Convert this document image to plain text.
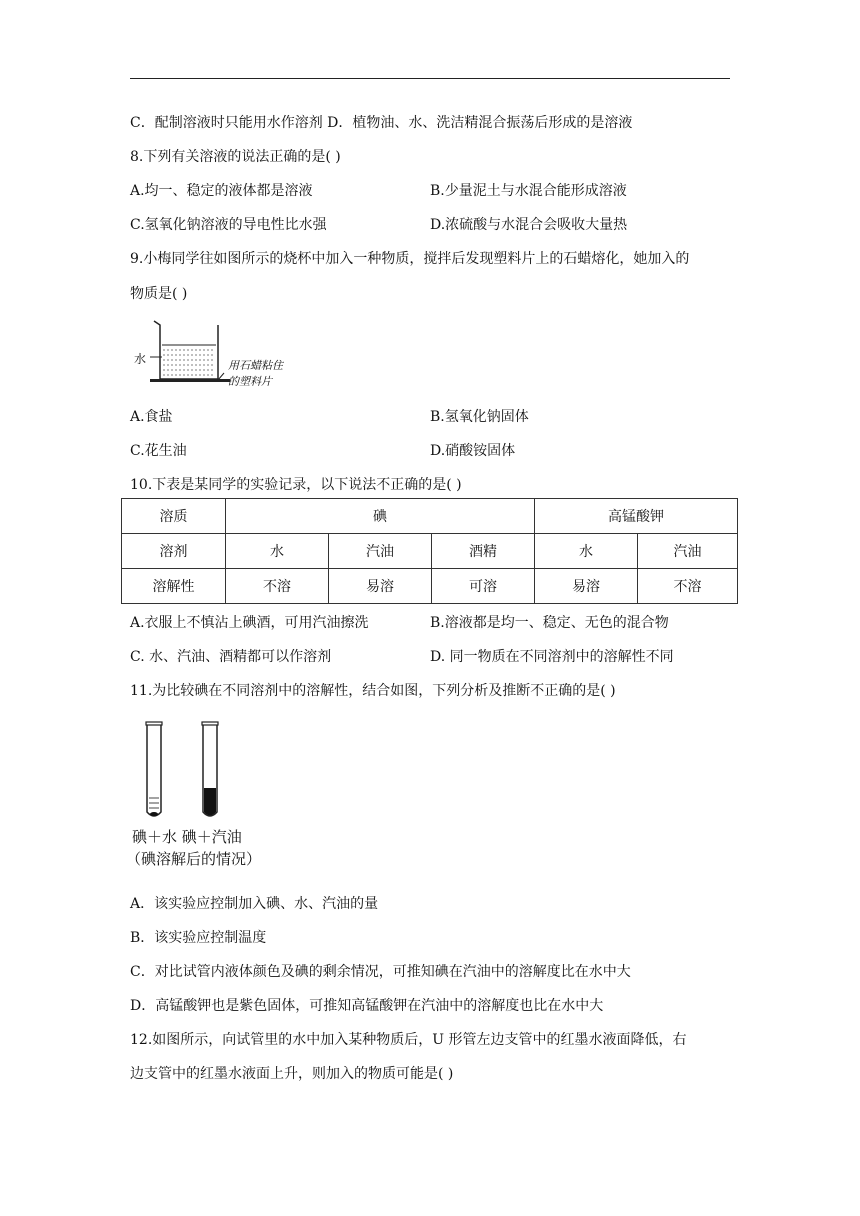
C．配制溶液时只能用水作溶剂 D．植物油、水、洗洁精混合振荡后形成的是溶液
8.下列有关溶液的说法正确的是( )
A.均一、稳定的液体都是溶液	B.少量泥土与水混合能形成溶液
C.氢氧化钠溶液的导电性比水强	D.浓硫酸与水混合会吸收大量热
9.小梅同学往如图所示的烧杯中加入一种物质，搅拌后发现塑料片上的石蜡熔化，她加入的
物质是( )
水	用石蜡粘住
的塑料片
A.食盐	B.氢氧化钠固体
C.花生油	D.硝酸铵固体
10.下表是某同学的实验记录，以下说法不正确的是( )
溶质	碘			高锰酸钾	
溶剂	水	汽油	酒精	水	汽油
溶解性	不溶	易溶	可溶	易溶	不溶
A.衣服上不慎沾上碘酒，可用汽油擦洗	B.溶液都是均一、稳定、无色的混合物
C. 水、汽油、酒精都可以作溶剂	D. 同一物质在不同溶剂中的溶解性不同
11.为比较碘在不同溶剂中的溶解性，结合如图，下列分析及推断不正确的是( )
碘＋水 碘＋汽油
（碘溶解后的情况）
A．该实验应控制加入碘、水、汽油的量
B．该实验应控制温度
C．对比试管内液体颜色及碘的剩余情况，可推知碘在汽油中的溶解度比在水中大
D．高锰酸钾也是紫色固体，可推知高锰酸钾在汽油中的溶解度也比在水中大
12.如图所示，向试管里的水中加入某种物质后，U 形管左边支管中的红墨水液面降低，右
边支管中的红墨水液面上升，则加入的物质可能是( )
